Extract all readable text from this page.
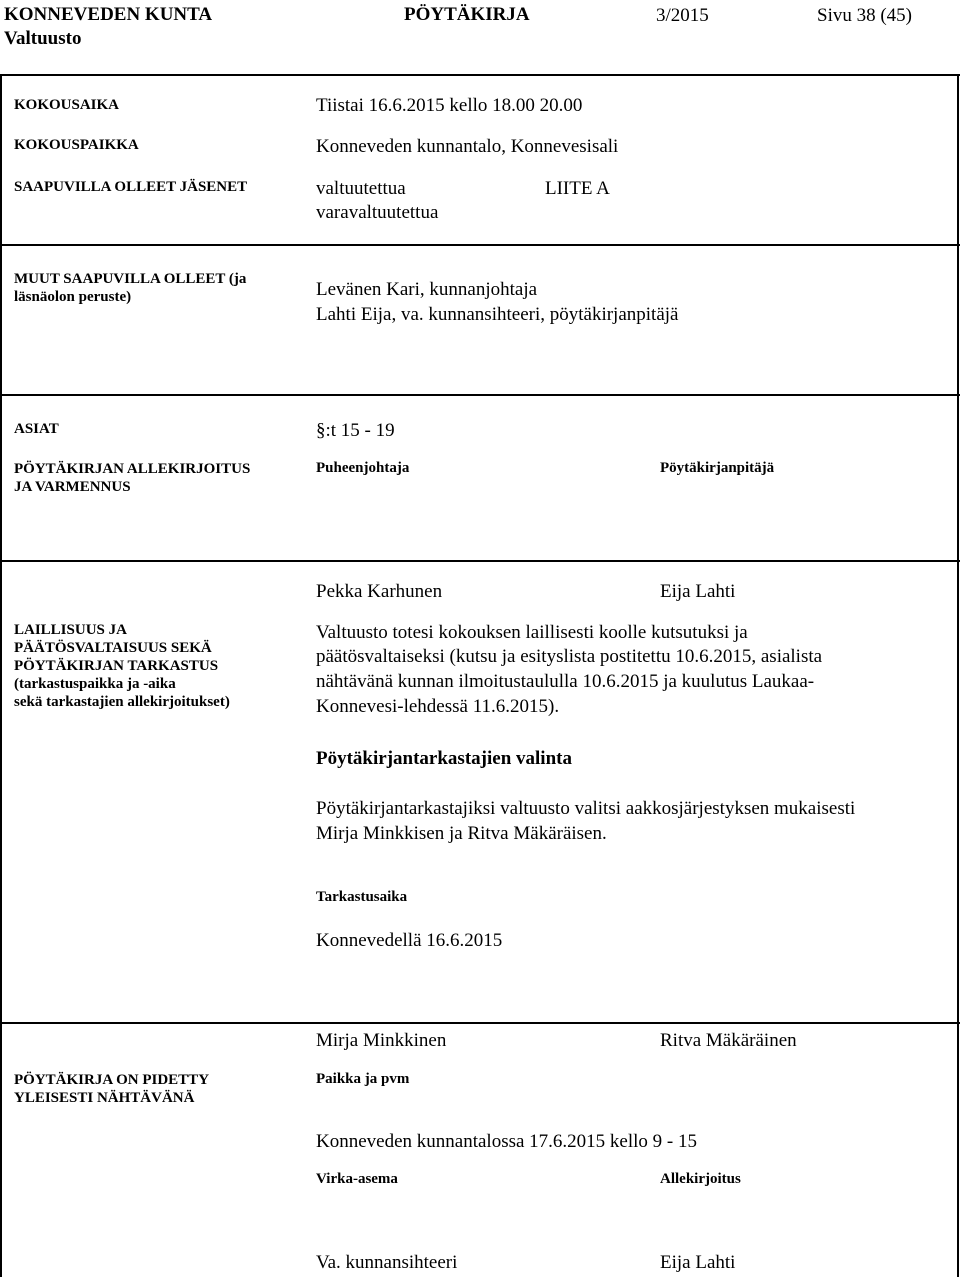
KONNEVEDEN KUNTA	PÖYTÄKIRJA	3/2015	Sivu 38 (45)
Valtuusto
KOKOUSAIKA	Tiistai 16.6.2015 kello 18.00 20.00
KOKOUSPAIKKA	Konneveden kunnantalo, Konnevesisali
SAAPUVILLA OLLEET JÄSENET	valtuutettua	LIITE A
varavaltuutettua
MUUT SAAPUVILLA OLLEET (ja
läsnäolon peruste)	Levänen Kari, kunnanjohtaja
Lahti Eija, va. kunnansihteeri, pöytäkirjanpitäjä
ASIAT	§:t 15 - 19
PÖYTÄKIRJAN ALLEKIRJOITUS
JA VARMENNUS
Puheenjohtaja	Pöytäkirjanpitäjä
Pekka Karhunen	Eija Lahti
LAILLISUUS JA
PÄÄTÖSVALTAISUUS SEKÄ
PÖYTÄKIRJAN TARKASTUS
(tarkastuspaikka ja -aika
sekä tarkastajien allekirjoitukset)
Valtuusto totesi kokouksen laillisesti koolle kutsutuksi ja
päätösvaltaiseksi (kutsu ja esityslista postitettu 10.6.2015, asialista
nähtävänä kunnan ilmoitustaululla 10.6.2015 ja kuulutus Laukaa-
Konnevesi-lehdessä 11.6.2015).
Pöytäkirjantarkastajien valinta
Pöytäkirjantarkastajiksi valtuusto valitsi aakkosjärjestyksen mukaisesti
Mirja Minkkisen ja Ritva Mäkäräisen.
Tarkastusaika
Konnevedellä 16.6.2015
Mirja Minkkinen	Ritva Mäkäräinen
PÖYTÄKIRJA ON PIDETTY
YLEISESTI NÄHTÄVÄNÄ
Paikka ja pvm
Konneveden kunnantalossa 17.6.2015 kello 9 - 15
Virka-asema	Allekirjoitus
Va. kunnansihteeri	Eija Lahti
